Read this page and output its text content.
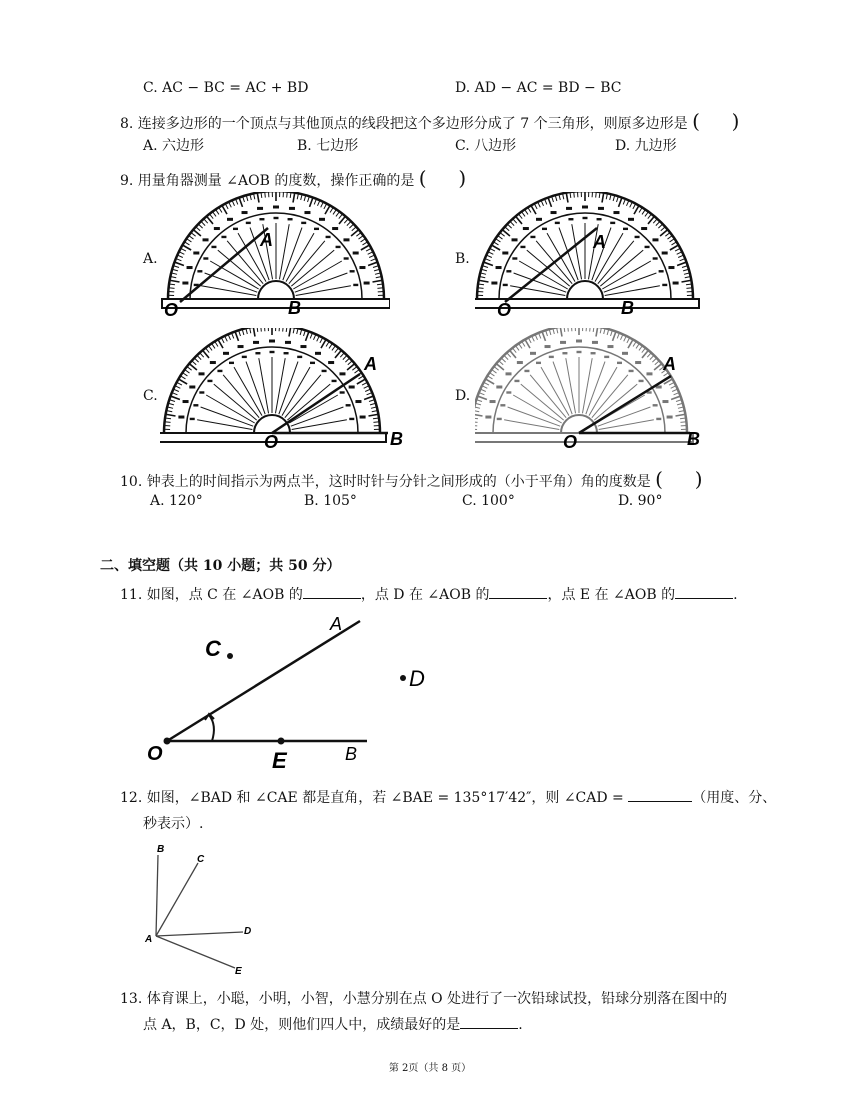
C. AC − BC = AC + BD	D. AD − AC = BD − BC
8. 连接多边形的一个顶点与其他顶点的线段把这个多边形分成了 7 个三角形，则原多边形是 (     )
A. 六边形	B. 七边形	C. 八边形	D. 九边形
9. 用量角器测量 ∠AOB 的度数，操作正确的是 (     )
A.	B.
C.	D.
O
A
B	O
A
B
A
O	B
A
O	B
10. 钟表上的时间指示为两点半，这时时针与分针之间形成的（小于平角）角的度数是 (     )
A. 120°	B. 105°	C. 100°	D. 90°
二、填空题（共 10 小题；共 50 分）
11. 如图，点 C 在 ∠AOB 的	，点 D 在 ∠AOB 的	，点 E 在 ∠AOB 的	.
C
A
D
O	E	B
12. 如图，∠BAD 和 ∠CAE 都是直角，若 ∠BAE = 135°17′42″，则 ∠CAD =	（用度、分、
秒表示）.
B
C
A
D
E
13. 体育课上，小聪，小明，小智，小慧分别在点 O 处进行了一次铅球试投，铅球分别落在图中的
点 A，B，C，D 处，则他们四人中，成绩最好的是	.
第 2页（共 8 页）
